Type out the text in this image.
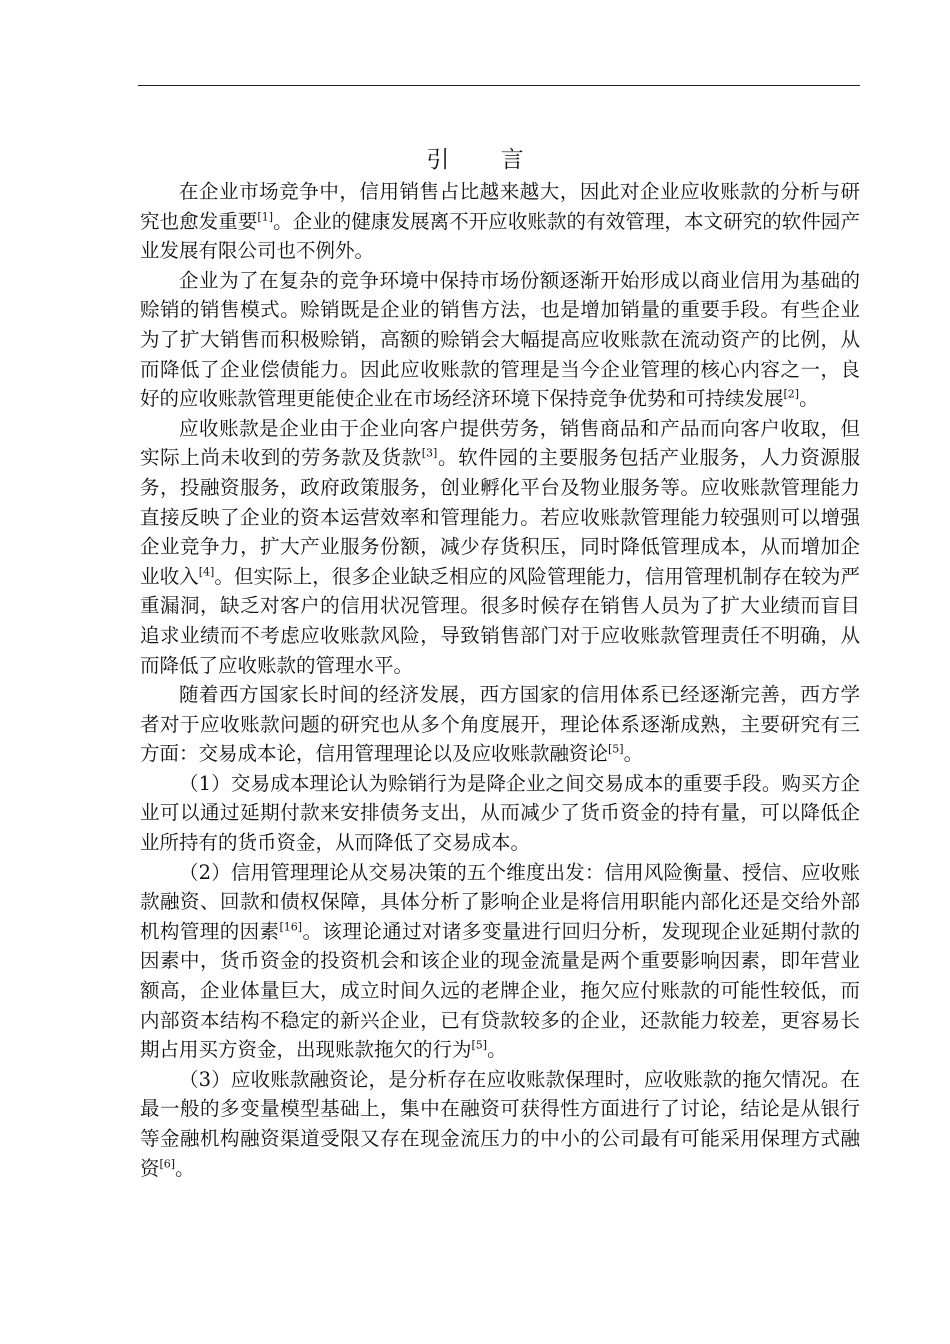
引 言

在企业市场竞争中，信用销售占比越来越大，因此对企业应收账款的分析与研究也愈发重要[1]。企业的健康发展离不开应收账款的有效管理，本文研究的软件园产业发展有限公司也不例外。

企业为了在复杂的竞争环境中保持市场份额逐渐开始形成以商业信用为基础的赊销的销售模式。赊销既是企业的销售方法，也是增加销量的重要手段。有些企业为了扩大销售而积极赊销，高额的赊销会大幅提高应收账款在流动资产的比例，从而降低了企业偿债能力。因此应收账款的管理是当今企业管理的核心内容之一，良好的应收账款管理更能使企业在市场经济环境下保持竞争优势和可持续发展[2]。

应收账款是企业由于企业向客户提供劳务，销售商品和产品而向客户收取，但实际上尚未收到的劳务款及货款[3]。软件园的主要服务包括产业服务，人力资源服务，投融资服务，政府政策服务，创业孵化平台及物业服务等。应收账款管理能力直接反映了企业的资本运营效率和管理能力。若应收账款管理能力较强则可以增强企业竞争力，扩大产业服务份额，减少存货积压，同时降低管理成本，从而增加企业收入[4]。但实际上，很多企业缺乏相应的风险管理能力，信用管理机制存在较为严重漏洞，缺乏对客户的信用状况管理。很多时候存在销售人员为了扩大业绩而盲目追求业绩而不考虑应收账款风险，导致销售部门对于应收账款管理责任不明确，从而降低了应收账款的管理水平。

随着西方国家长时间的经济发展，西方国家的信用体系已经逐渐完善，西方学者对于应收账款问题的研究也从多个角度展开，理论体系逐渐成熟，主要研究有三方面：交易成本论，信用管理理论以及应收账款融资论[5]。

（1）交易成本理论认为赊销行为是降企业之间交易成本的重要手段。购买方企业可以通过延期付款来安排债务支出，从而减少了货币资金的持有量，可以降低企业所持有的货币资金，从而降低了交易成本。

（2）信用管理理论从交易决策的五个维度出发：信用风险衡量、授信、应收账款融资、回款和债权保障，具体分析了影响企业是将信用职能内部化还是交给外部机构管理的因素[16]。该理论通过对诸多变量进行回归分析，发现现企业延期付款的因素中，货币资金的投资机会和该企业的现金流量是两个重要影响因素，即年营业额高，企业体量巨大，成立时间久远的老牌企业，拖欠应付账款的可能性较低，而内部资本结构不稳定的新兴企业，已有贷款较多的企业，还款能力较差，更容易长期占用买方资金，出现账款拖欠的行为[5]。

（3）应收账款融资论，是分析存在应收账款保理时，应收账款的拖欠情况。在最一般的多变量模型基础上，集中在融资可获得性方面进行了讨论，结论是从银行等金融机构融资渠道受限又存在现金流压力的中小的公司最有可能采用保理方式融资[6]。
